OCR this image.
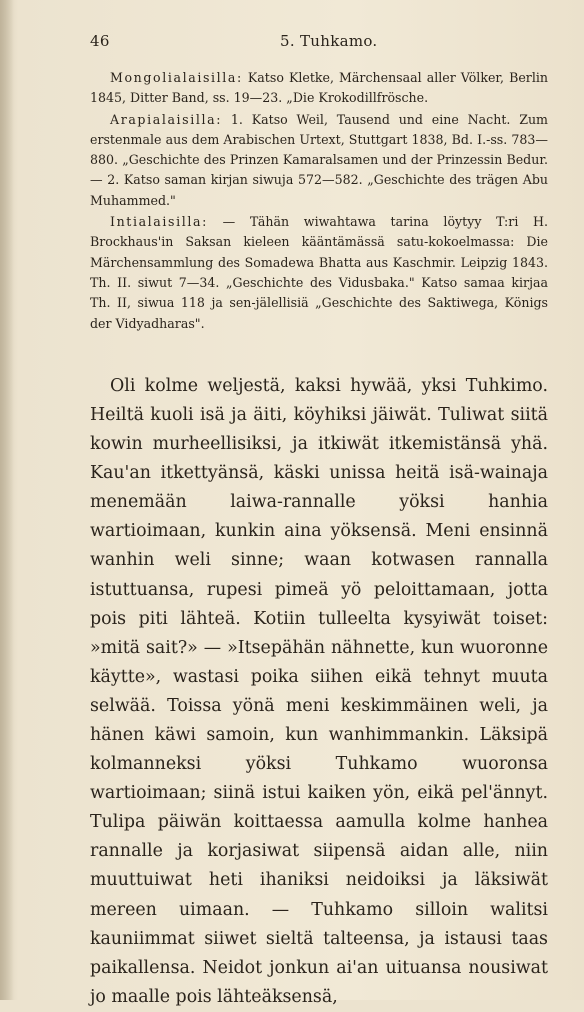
46	5. Tuhkamo.

Mongolialaisilla: Katso Kletke, Märchensaal aller Völker, Berlin 1845, Ditter Band, ss. 19—23. „Die Krokodillfrösche.

Arapialaisilla: 1. Katso Weil, Tausend und eine Nacht. Zum erstenmale aus dem Arabischen Urtext, Stuttgart 1838, Bd. I.-ss. 783—880. „Geschichte des Prinzen Kamaralsamen und der Prinzessin Bedur. — 2. Katso saman kirjan siwuja 572—582. „Geschichte des trägen Abu Muhammed."

Intialaisilla: — Tähän wiwahtawa tarina löytyy T:ri H. Brockhaus'in Saksan kieleen kääntämässä satu-kokoelmassa: Die Märchensammlung des Somadewa Bhatta aus Kaschmir. Leipzig 1843. Th. II. siwut 7—34. „Geschichte des Vidusbaka." Katso samaa kirjaa Th. II, siwua 118 ja sen-jälellisiä „Geschichte des Saktiwega, Königs der Vidyadharas".

Oli kolme weljestä, kaksi hywää, yksi Tuhkimo. Heiltä kuoli isä ja äiti, köyhiksi jäiwät. Tuliwat siitä kowin murheellisiksi, ja itkiwät itkemistänsä yhä. Kau'an itkettyänsä, käski unissa heitä isä-wainaja menemään laiwa-rannalle yöksi hanhia wartioimaan, kunkin aina yöksensä. Meni ensinnä wanhin weli sinne; waan kotwasen rannalla istuttuansa, rupesi pimeä yö peloittamaan, jotta pois piti lähteä. Kotiin tulleelta kysyiwät toiset: »mitä sait?» — »Itsepähän nähnette, kun wuoronne käytte», wastasi poika siihen eikä tehnyt muuta selwää. Toissa yönä meni keskimmäinen weli, ja hänen käwi samoin, kun wanhimmankin. Läksipä kolmanneksi yöksi Tuhkamo wuoronsa wartioimaan; siinä istui kaiken yön, eikä pel'ännyt. Tulipa päiwän koittaessa aamulla kolme hanhea rannalle ja korjasiwat siipensä aidan alle, niin muuttuiwat heti ihaniksi neidoiksi ja läksiwät mereen uimaan. — Tuhkamo silloin walitsi kauniimmat siiwet sieltä talteensa, ja istausi taas paikallensa. Neidot jonkun ai'an uituansa nousiwat jo maalle pois lähteäksensä,
